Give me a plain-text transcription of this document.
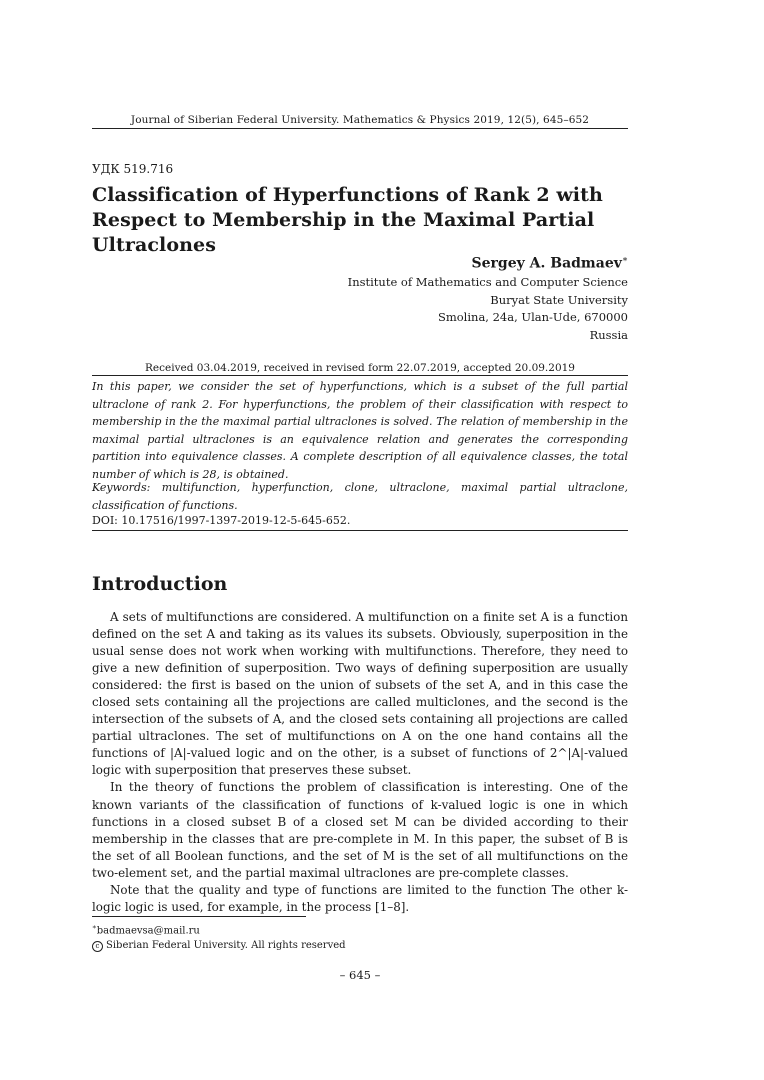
Journal of Siberian Federal University. Mathematics & Physics 2019, 12(5), 645–652
УДК 519.716
Classification of Hyperfunctions of Rank 2 with Respect to Membership in the Maximal Partial Ultraclones
Sergey A. Badmaev∗
Institute of Mathematics and Computer Science
Buryat State University
Smolina, 24a, Ulan-Ude, 670000
Russia
Received 03.04.2019, received in revised form 22.07.2019, accepted 20.09.2019
In this paper, we consider the set of hyperfunctions, which is a subset of the full partial ultraclone of rank 2. For hyperfunctions, the problem of their classification with respect to membership in the the maximal partial ultraclones is solved. The relation of membership in the maximal partial ultraclones is an equivalence relation and generates the corresponding partition into equivalence classes. A complete description of all equivalence classes, the total number of which is 28, is obtained.
Keywords: multifunction, hyperfunction, clone, ultraclone, maximal partial ultraclone, classification of functions.
DOI: 10.17516/1997-1397-2019-12-5-645-652.
Introduction

A sets of multifunctions are considered. A multifunction on a finite set A is a function defined on the set A and taking as its values its subsets. Obviously, superposition in the usual sense does not work when working with multifunctions. Therefore, they need to give a new definition of superposition. Two ways of defining superposition are usually considered: the first is based on the union of subsets of the set A, and in this case the closed sets containing all the projections are called multiclones, and the second is the intersection of the subsets of A, and the closed sets containing all projections are called partial ultraclones. The set of multifunctions on A on the one hand contains all the functions of |A|-valued logic and on the other, is a subset of functions of 2^|A|-valued logic with superposition that preserves these subset.

In the theory of functions the problem of classification is interesting. One of the known variants of the classification of functions of k-valued logic is one in which functions in a closed subset B of a closed set M can be divided according to their membership in the classes that are pre-complete in M. In this paper, the subset of B is the set of all Boolean functions, and the set of M is the set of all multifunctions on the two-element set, and the partial maximal ultraclones are pre-complete classes.

Note that the quality and type of functions are limited to the function The other k-logic logic is used, for example, in the process [1–8].

∗badmaevsa@mail.ru
c Siberian Federal University. All rights reserved
– 645 –
